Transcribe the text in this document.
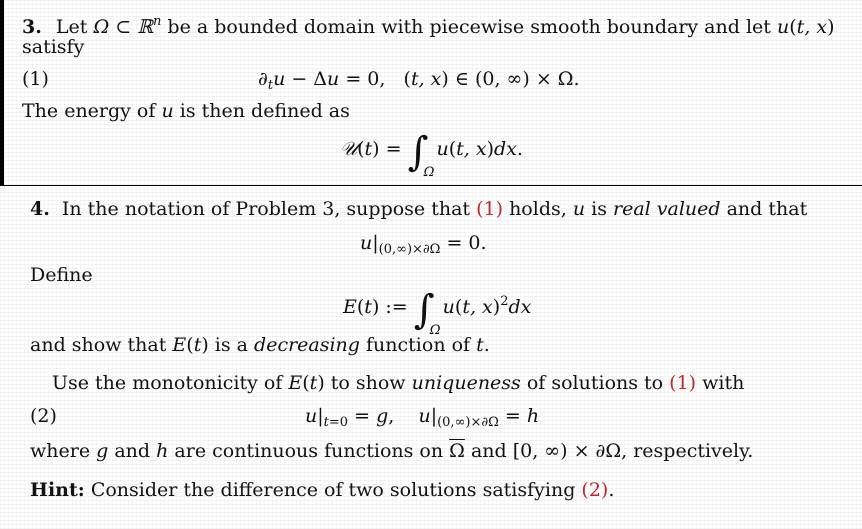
3. Let Ω ⊂ ℝ$^n$ be a bounded domain with piecewise smooth boundary and let u(t, x)
satisfy
(1)	$\partial_tu - \Delta u = 0$,   (t, x) ∈ (0, ∞) × Ω.
The energy of u is then defined as
𝒰(t) = ∫
Ω
u(t, x)dx.
4. In the notation of Problem 3, suppose that (1) holds, u is real valued and that
$u|_{(0,\infty)\times\partial\Omega} = 0$.
Define
E(t) := ∫
Ω
u(t, x)$^2$dx
and show that E(t) is a decreasing function of t.
Use the monotonicity of E(t) to show uniqueness of solutions to (1) with
(2)	$u|_{t=0} = g$,    $u|_{(0,\infty)\times\partial\Omega} = h$
where g and h are continuous functions on $\overline{\Omega}$ and [0, ∞) × ∂Ω, respectively.
Hint: Consider the difference of two solutions satisfying (2).
